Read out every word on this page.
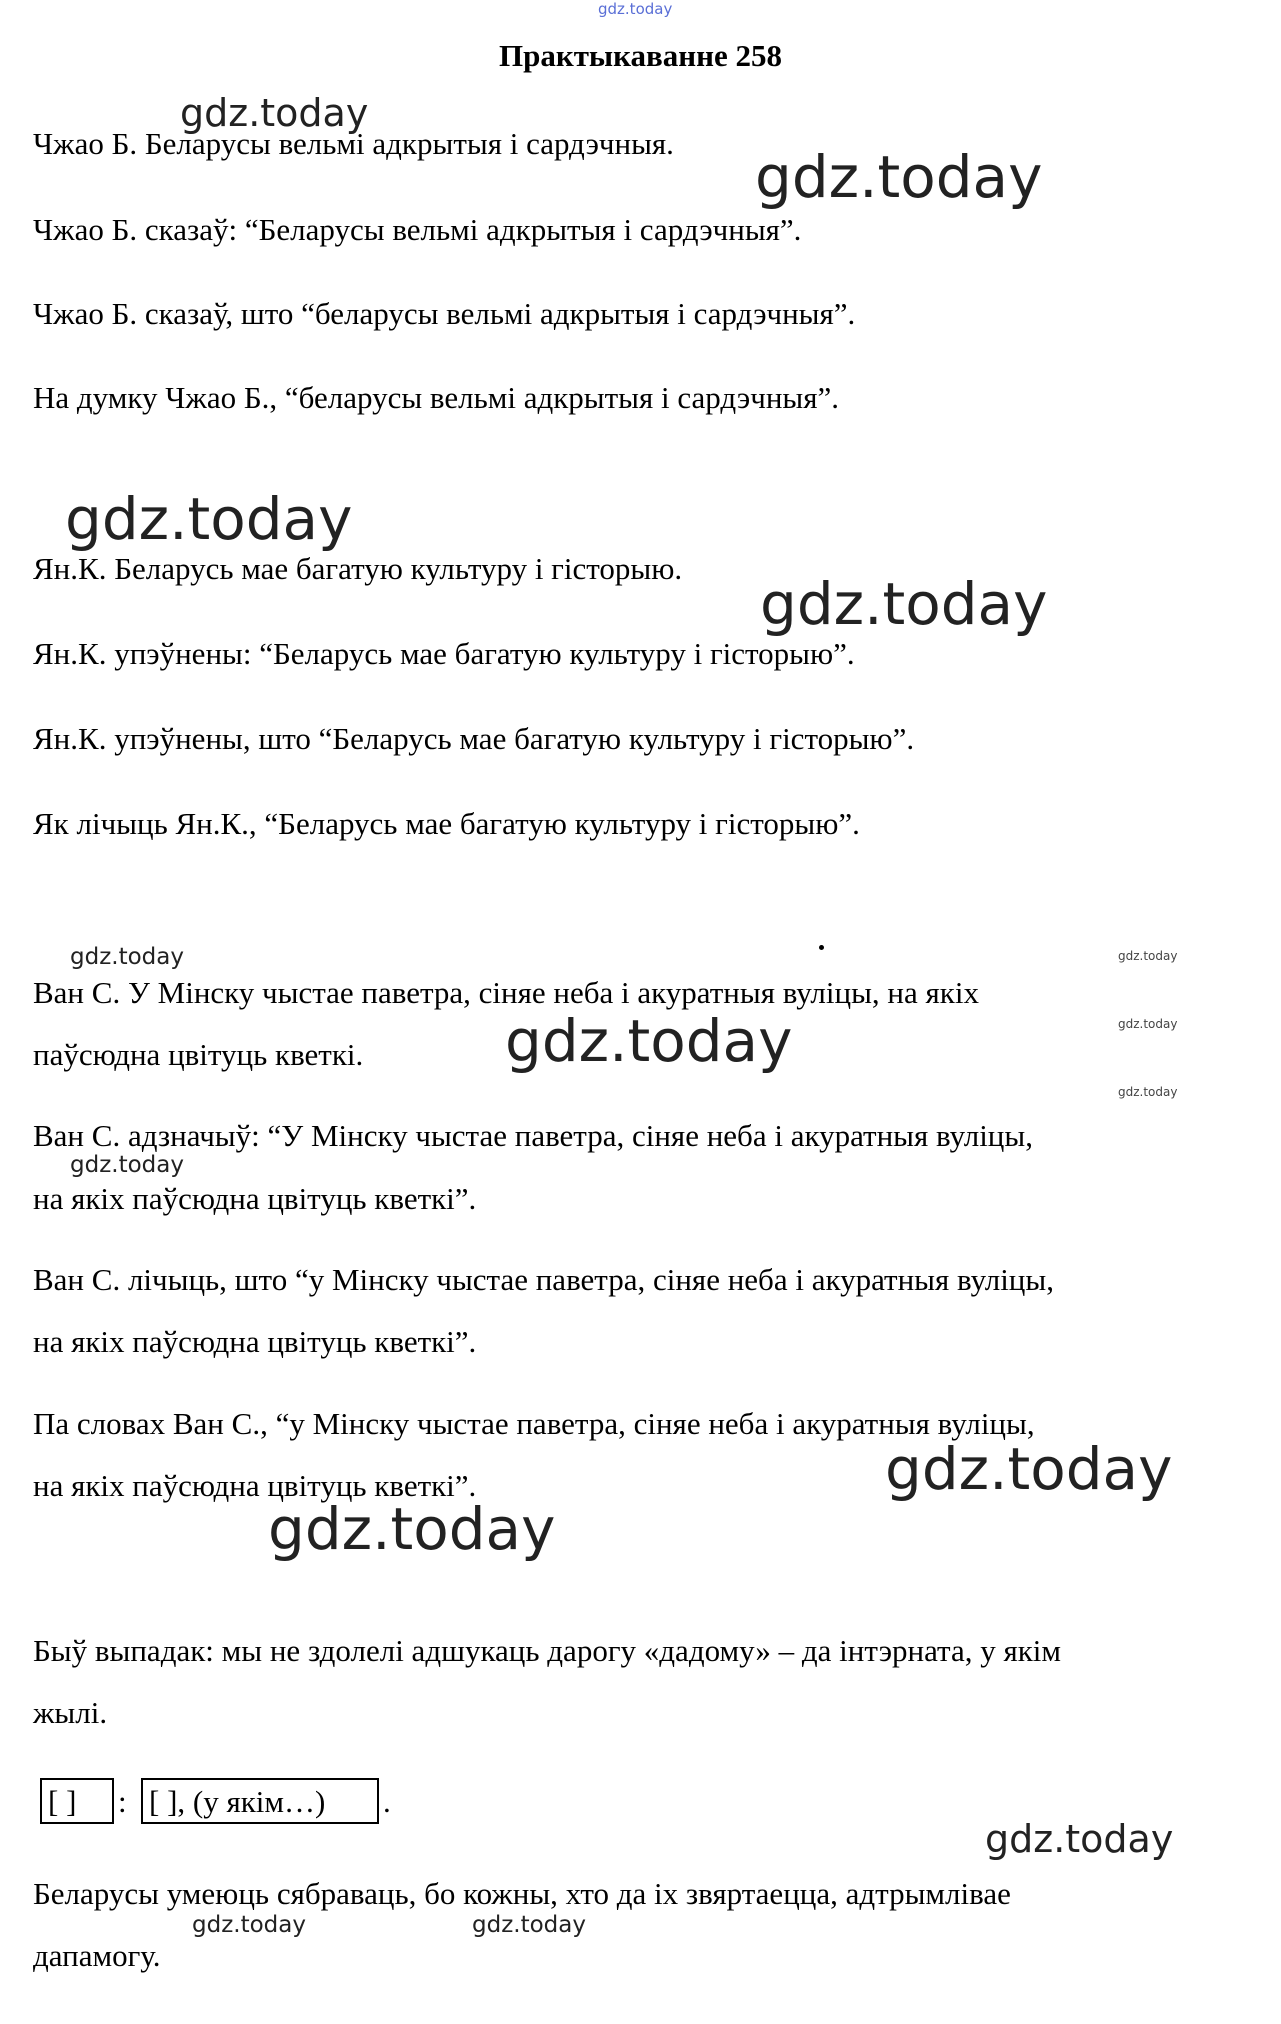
gdz.today
gdz.today
gdz.today
gdz.today
gdz.today
gdz.today	gdz.today
gdz.today
gdz.today
gdz.today
gdz.today
gdz.today
gdz.today
gdz.today
gdz.today	gdz.today
Практыкаванне 258
Чжао Б. Беларусы вельмі адкрытыя і сардэчныя.
Чжао Б. сказаў: “Беларусы вельмі адкрытыя і сардэчныя”.
Чжао Б. сказаў, што “беларусы вельмі адкрытыя і сардэчныя”.
На думку Чжао Б., “беларусы вельмі адкрытыя і сардэчныя”.
Ян.К. Беларусь мае багатую культуру і гісторыю.
Ян.К. упэўнены: “Беларусь мае багатую культуру і гісторыю”.
Ян.К. упэўнены, што “Беларусь мае багатую культуру і гісторыю”.
Як лічыць Ян.К., “Беларусь мае багатую культуру і гісторыю”.
Ван С. У Мінску чыстае паветра, сіняе неба і акуратныя вуліцы, на якіх
паўсюдна цвітуць кветкі.
Ван С. адзначыў: “У Мінску чыстае паветра, сіняе неба і акуратныя вуліцы,
на якіх паўсюдна цвітуць кветкі”.
Ван С. лічыць, што “у Мінску чыстае паветра, сіняе неба і акуратныя вуліцы,
на якіх паўсюдна цвітуць кветкі”.
Па словах Ван С., “у Мінску чыстае паветра, сіняе неба і акуратныя вуліцы,
на якіх паўсюдна цвітуць кветкі”.
Быў выпадак: мы не здолелі адшукаць дарогу «дадому» – да інтэрната, у якім
жылі.
[ ]	: [ ], (у якім…)	.
Беларусы умеюць сябраваць, бо кожны, хто да іх звяртаецца, адтрымлівае
дапамогу.
